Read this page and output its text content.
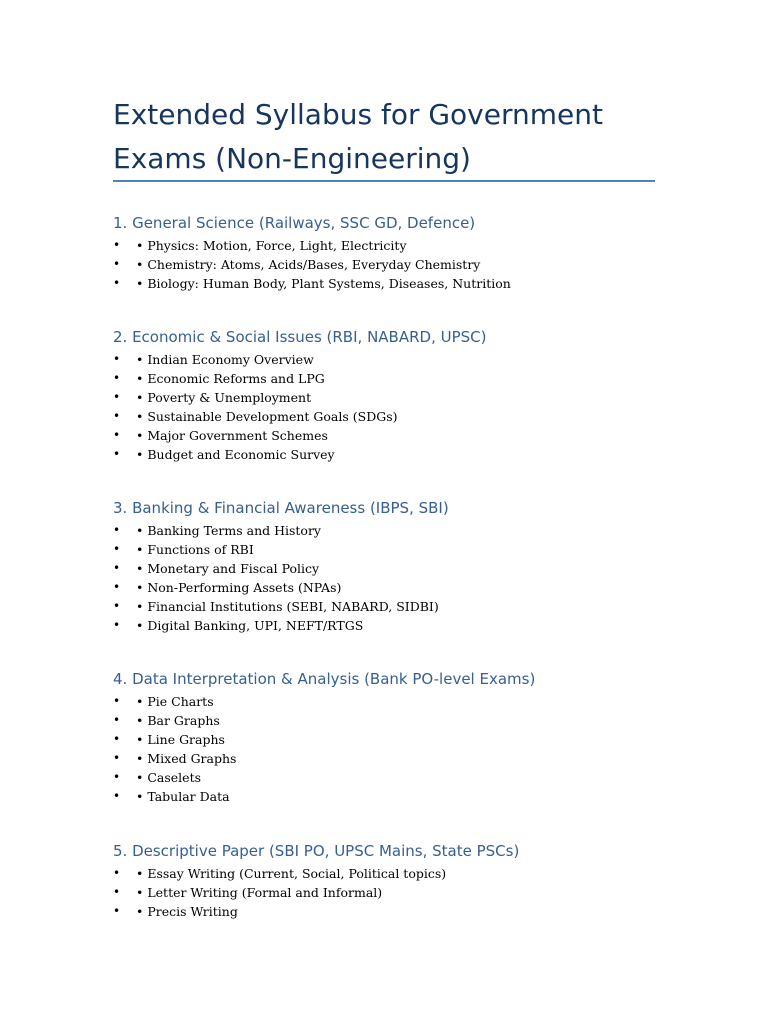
Extended Syllabus for Government Exams (Non-Engineering)
1. General Science (Railways, SSC GD, Defence)
• • Physics: Motion, Force, Light, Electricity
• • Chemistry: Atoms, Acids/Bases, Everyday Chemistry
• • Biology: Human Body, Plant Systems, Diseases, Nutrition
2. Economic & Social Issues (RBI, NABARD, UPSC)
• • Indian Economy Overview
• • Economic Reforms and LPG
• • Poverty & Unemployment
• • Sustainable Development Goals (SDGs)
• • Major Government Schemes
• • Budget and Economic Survey
3. Banking & Financial Awareness (IBPS, SBI)
• • Banking Terms and History
• • Functions of RBI
• • Monetary and Fiscal Policy
• • Non-Performing Assets (NPAs)
• • Financial Institutions (SEBI, NABARD, SIDBI)
• • Digital Banking, UPI, NEFT/RTGS
4. Data Interpretation & Analysis (Bank PO-level Exams)
• • Pie Charts
• • Bar Graphs
• • Line Graphs
• • Mixed Graphs
• • Caselets
• • Tabular Data
5. Descriptive Paper (SBI PO, UPSC Mains, State PSCs)
• • Essay Writing (Current, Social, Political topics)
• • Letter Writing (Formal and Informal)
• • Precis Writing
